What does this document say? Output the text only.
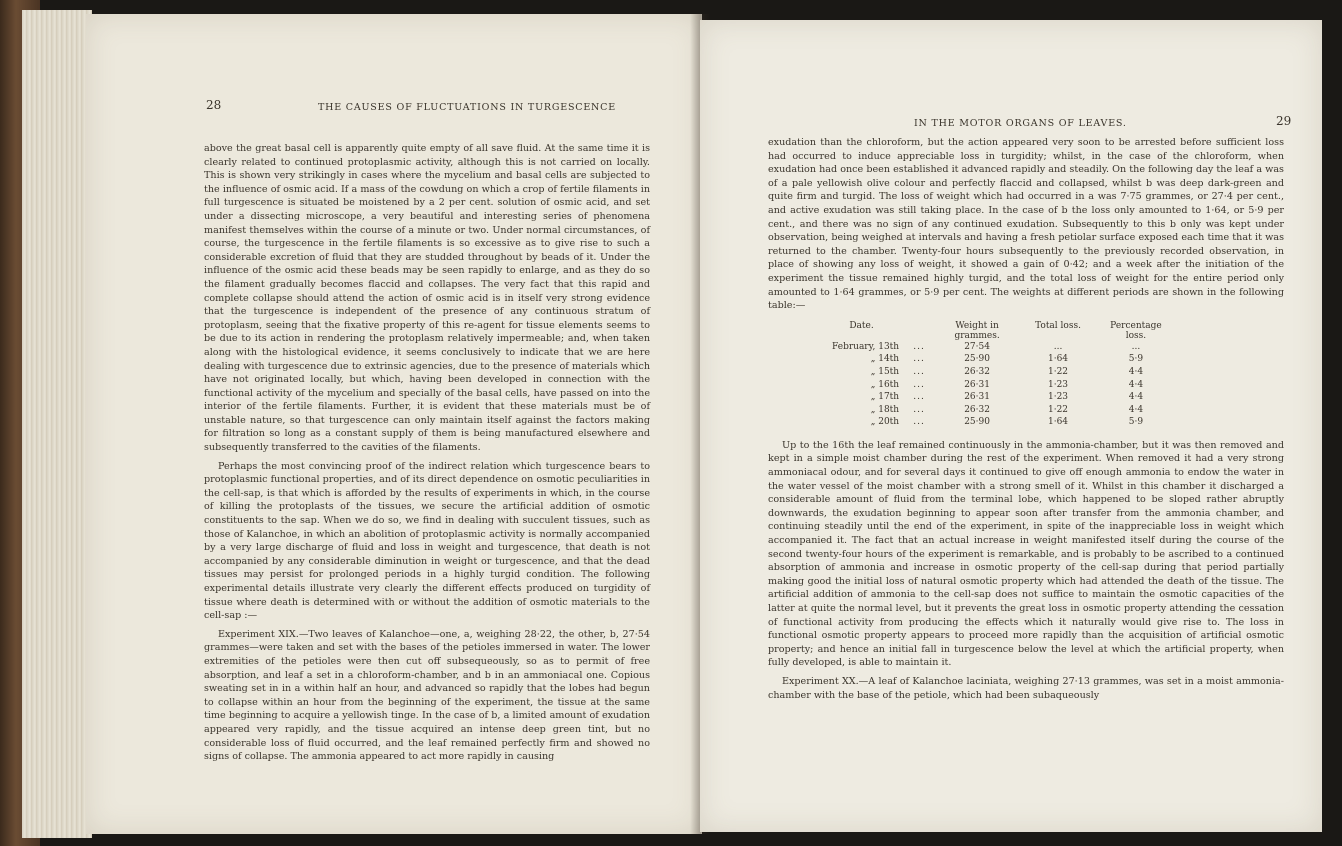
28	THE CAUSES OF FLUCTUATIONS IN TURGESCENCE

above the great basal cell is apparently quite empty of all save fluid. At the same time it is clearly related to continued protoplasmic activity, although this is not carried on locally. This is shown very strikingly in cases where the mycelium and basal cells are subjected to the influence of osmic acid. If a mass of the cowdung on which a crop of fertile filaments in full turgescence is situated be moistened by a 2 per cent. solution of osmic acid, and set under a dissecting microscope, a very beautiful and interesting series of phenomena manifest themselves within the course of a minute or two. Under normal circumstances, of course, the turgescence in the fertile filaments is so excessive as to give rise to such a considerable excretion of fluid that they are studded throughout by beads of it. Under the influence of the osmic acid these beads may be seen rapidly to enlarge, and as they do so the filament gradually becomes flaccid and collapses. The very fact that this rapid and complete collapse should attend the action of osmic acid is in itself very strong evidence that the turgescence is independent of the presence of any continuous stratum of protoplasm, seeing that the fixative property of this re-agent for tissue elements seems to be due to its action in rendering the protoplasm relatively impermeable; and, when taken along with the histological evidence, it seems conclusively to indicate that we are here dealing with turgescence due to extrinsic agencies, due to the presence of materials which have not originated locally, but which, having been developed in connection with the functional activity of the mycelium and specially of the basal cells, have passed on into the interior of the fertile filaments. Further, it is evident that these materials must be of unstable nature, so that turgescence can only maintain itself against the factors making for filtration so long as a constant supply of them is being manufactured elsewhere and subsequently transferred to the cavities of the filaments.

Perhaps the most convincing proof of the indirect relation which turgescence bears to protoplasmic functional properties, and of its direct dependence on osmotic peculiarities in the cell-sap, is that which is afforded by the results of experiments in which, in the course of killing the protoplasts of the tissues, we secure the artificial addition of osmotic constituents to the sap. When we do so, we find in dealing with succulent tissues, such as those of Kalanchoe, in which an abolition of protoplasmic activity is normally accompanied by a very large discharge of fluid and loss in weight and turgescence, that death is not accompanied by any considerable diminution in weight or turgescence, and that the dead tissues may persist for prolonged periods in a highly turgid condition. The following experimental details illustrate very clearly the different effects produced on turgidity of tissue where death is determined with or without the addition of osmotic materials to the cell-sap :—

Experiment XIX.—Two leaves of Kalanchoe—one, a, weighing 28·22, the other, b, 27·54 grammes—were taken and set with the bases of the petioles immersed in water. The lower extremities of the petioles were then cut off subsequeously, so as to permit of free absorption, and leaf a set in a chloroform-chamber, and b in an ammoniacal one. Copious sweating set in in a within half an hour, and advanced so rapidly that the lobes had begun to collapse within an hour from the beginning of the experiment, the tissue at the same time beginning to acquire a yellowish tinge. In the case of b, a limited amount of exudation appeared very rapidly, and the tissue acquired an intense deep green tint, but no considerable loss of fluid occurred, and the leaf remained perfectly firm and showed no signs of collapse. The ammonia appeared to act more rapidly in causing

IN THE MOTOR ORGANS OF LEAVES.	29

exudation than the chloroform, but the action appeared very soon to be arrested before sufficient loss had occurred to induce appreciable loss in turgidity; whilst, in the case of the chloroform, when exudation had once been established it advanced rapidly and steadily. On the following day the leaf a was of a pale yellowish olive colour and perfectly flaccid and collapsed, whilst b was deep dark-green and quite firm and turgid. The loss of weight which had occurred in a was 7·75 grammes, or 27·4 per cent., and active exudation was still taking place. In the case of b the loss only amounted to 1·64, or 5·9 per cent., and there was no sign of any continued exudation. Subsequently to this b only was kept under observation, being weighed at intervals and having a fresh petiolar surface exposed each time that it was returned to the chamber. Twenty-four hours subsequently to the previously recorded observation, in place of showing any loss of weight, it showed a gain of 0·42; and a week after the initiation of the experiment the tissue remained highly turgid, and the total loss of weight for the entire period only amounted to 1·64 grammes, or 5·9 per cent. The weights at different periods are shown in the following table:—

Date.		Weight in grammes.	Total loss.	Percentage loss.
February, 13th	...	27·54	...	...
„ 14th	...	25·90	1·64	5·9
„ 15th	...	26·32	1·22	4·4
„ 16th	...	26·31	1·23	4·4
„ 17th	...	26·31	1·23	4·4
„ 18th	...	26·32	1·22	4·4
„ 20th	...	25·90	1·64	5·9

Up to the 16th the leaf remained continuously in the ammonia-chamber, but it was then removed and kept in a simple moist chamber during the rest of the experiment. When removed it had a very strong ammoniacal odour, and for several days it continued to give off enough ammonia to endow the water in the water vessel of the moist chamber with a strong smell of it. Whilst in this chamber it discharged a considerable amount of fluid from the terminal lobe, which happened to be sloped rather abruptly downwards, the exudation beginning to appear soon after transfer from the ammonia chamber, and continuing steadily until the end of the experiment, in spite of the inappreciable loss in weight which accompanied it. The fact that an actual increase in weight manifested itself during the course of the second twenty-four hours of the experiment is remarkable, and is probably to be ascribed to a continued absorption of ammonia and increase in osmotic property of the cell-sap during that period partially making good the initial loss of natural osmotic property which had attended the death of the tissue. The artificial addition of ammonia to the cell-sap does not suffice to maintain the osmotic capacities of the latter at quite the normal level, but it prevents the great loss in osmotic property attending the cessation of functional activity from producing the effects which it naturally would give rise to. The loss in functional osmotic property appears to proceed more rapidly than the acquisition of artificial osmotic property; and hence an initial fall in turgescence below the level at which the artificial property, when fully developed, is able to maintain it.

Experiment XX.—A leaf of Kalanchoe laciniata, weighing 27·13 grammes, was set in a moist ammonia-chamber with the base of the petiole, which had been subaqueously
